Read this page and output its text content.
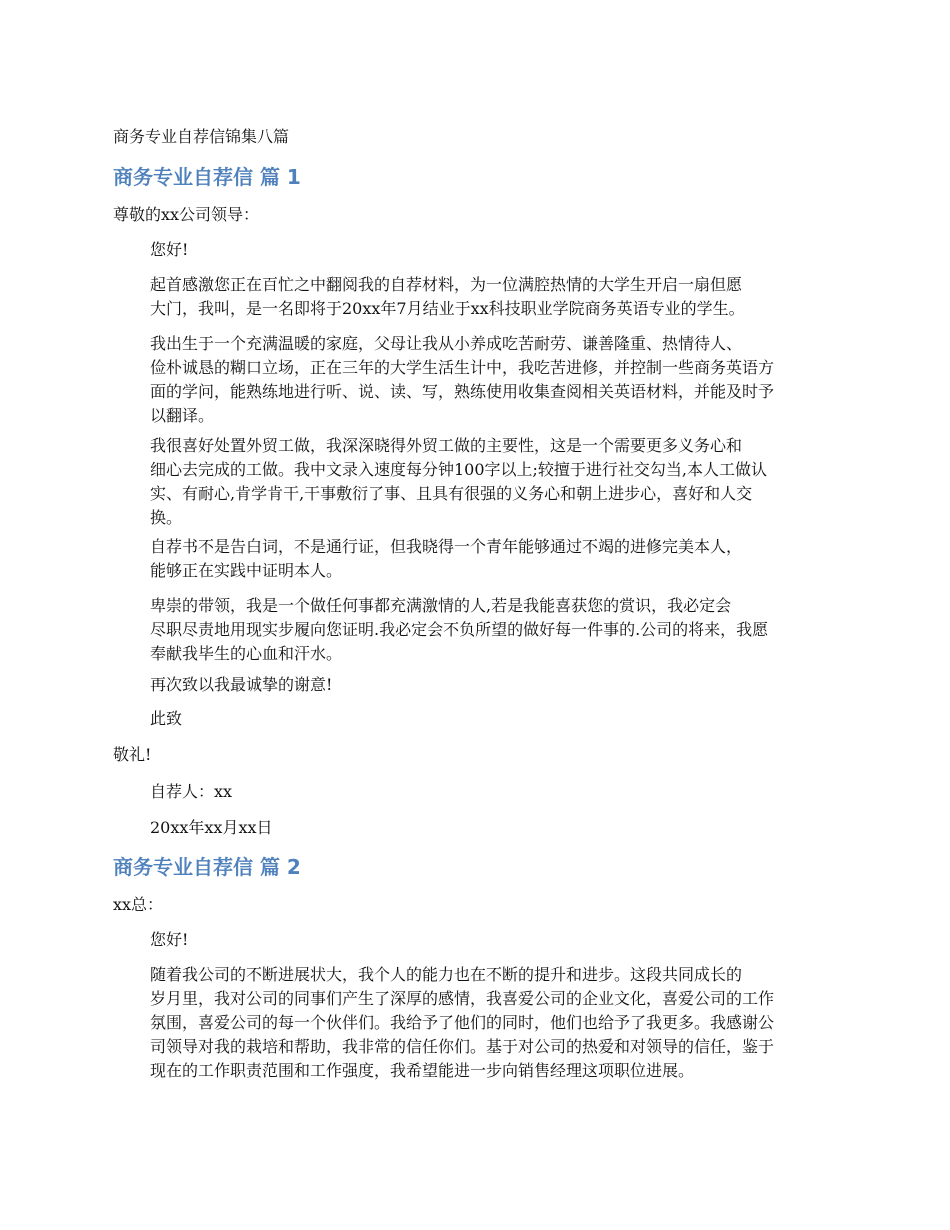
商务专业自荐信锦集八篇
商务专业自荐信 篇 1
尊敬的xx公司领导：
您好!
起首感激您正在百忙之中翻阅我的自荐材料，为一位满腔热情的大学生开启一扇但愿
大门，我叫，是一名即将于20xx年7月结业于xx科技职业学院商务英语专业的学生。
我出生于一个充满温暖的家庭，父母让我从小养成吃苦耐劳、谦善隆重、热情待人、
俭朴诚恳的糊口立场，正在三年的大学生活生计中，我吃苦进修，并控制一些商务英语方
面的学问，能熟练地进行听、说、读、写，熟练使用收集查阅相关英语材料，并能及时予
以翻译。
我很喜好处置外贸工做，我深深晓得外贸工做的主要性，这是一个需要更多义务心和
细心去完成的工做。我中文录入速度每分钟100字以上;较擅于进行社交勾当,本人工做认
实、有耐心,肯学肯干,干事敷衍了事、且具有很强的义务心和朝上进步心，喜好和人交
换。
自荐书不是告白词，不是通行证，但我晓得一个青年能够通过不竭的进修完美本人，
能够正在实践中证明本人。
卑崇的带领，我是一个做任何事都充满激情的人,若是我能喜获您的赏识，我必定会
尽职尽责地用现实步履向您证明.我必定会不负所望的做好每一件事的.公司的将来，我愿
奉献我毕生的心血和汗水。
再次致以我最诚挚的谢意!
此致
敬礼!
自荐人：xx
20xx年xx月xx日
商务专业自荐信 篇 2
xx总：
您好!
随着我公司的不断进展状大，我个人的能力也在不断的提升和进步。这段共同成长的
岁月里，我对公司的同事们产生了深厚的感情，我喜爱公司的企业文化，喜爱公司的工作
氛围，喜爱公司的每一个伙伴们。我给予了他们的同时，他们也给予了我更多。我感谢公
司领导对我的栽培和帮助，我非常的信任你们。基于对公司的热爱和对领导的信任，鉴于
现在的工作职责范围和工作强度，我希望能进一步向销售经理这项职位进展。
